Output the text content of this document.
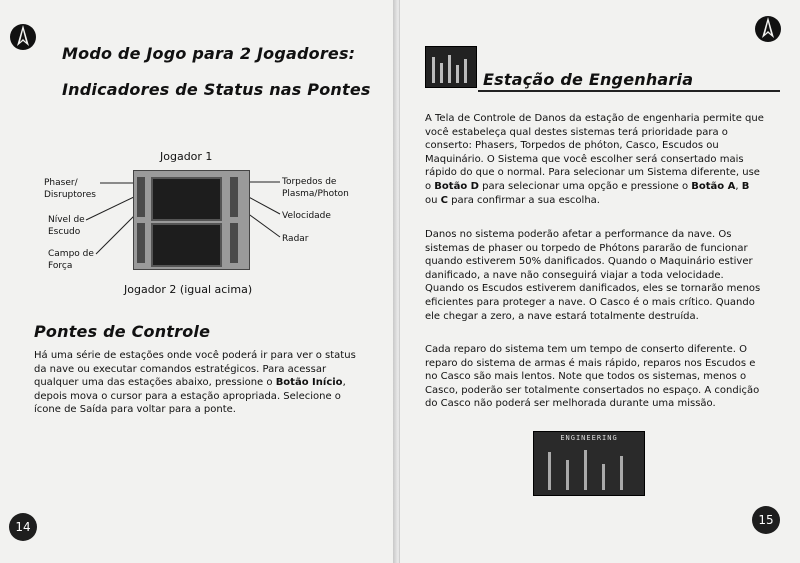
Modo de Jogo para 2 Jogadores:
Indicadores de Status nas Pontes
Jogador 1
Phaser/
Disruptores
Nível de
Escudo
Campo de
Força
Torpedos de
Plasma/Photon
Velocidade
Radar
Jogador 2 (igual acima)
Pontes de Controle
Há uma série de estações onde você poderá ir para ver o status da nave ou executar comandos estratégicos. Para acessar qualquer uma das estações abaixo, pressione o Botão Início, depois mova o cursor para a estação apropriada. Selecione o ícone de Saída para voltar para a ponte.
14
Estação de Engenharia
A Tela de Controle de Danos da estação de engenharia permite que você estabeleça qual destes sistemas terá prioridade para o conserto: Phasers, Torpedos de phóton, Casco, Escudos ou Maquinário. O Sistema que você escolher será consertado mais rápido do que o normal. Para selecionar um Sistema diferente, use o Botão D para selecionar uma opção e pressione o Botão A, B ou C para confirmar a sua escolha.
Danos no sistema poderão afetar a performance da nave. Os sistemas de phaser ou torpedo de Phótons pararão de funcionar quando estiverem 50% danificados. Quando o Maquinário estiver danificado, a nave não conseguirá viajar a toda velocidade. Quando os Escudos estiverem danificados, eles se tornarão menos eficientes para proteger a nave. O Casco é o mais crítico. Quando ele chegar a zero, a nave estará totalmente destruída.
Cada reparo do sistema tem um tempo de conserto diferente. O reparo do sistema de armas é mais rápido, reparos nos Escudos e no Casco são mais lentos. Note que todos os sistemas, menos o Casco, poderão ser totalmente consertados no espaço. A condição do Casco não poderá ser melhorada durante uma missão.
ENGINEERING
15
